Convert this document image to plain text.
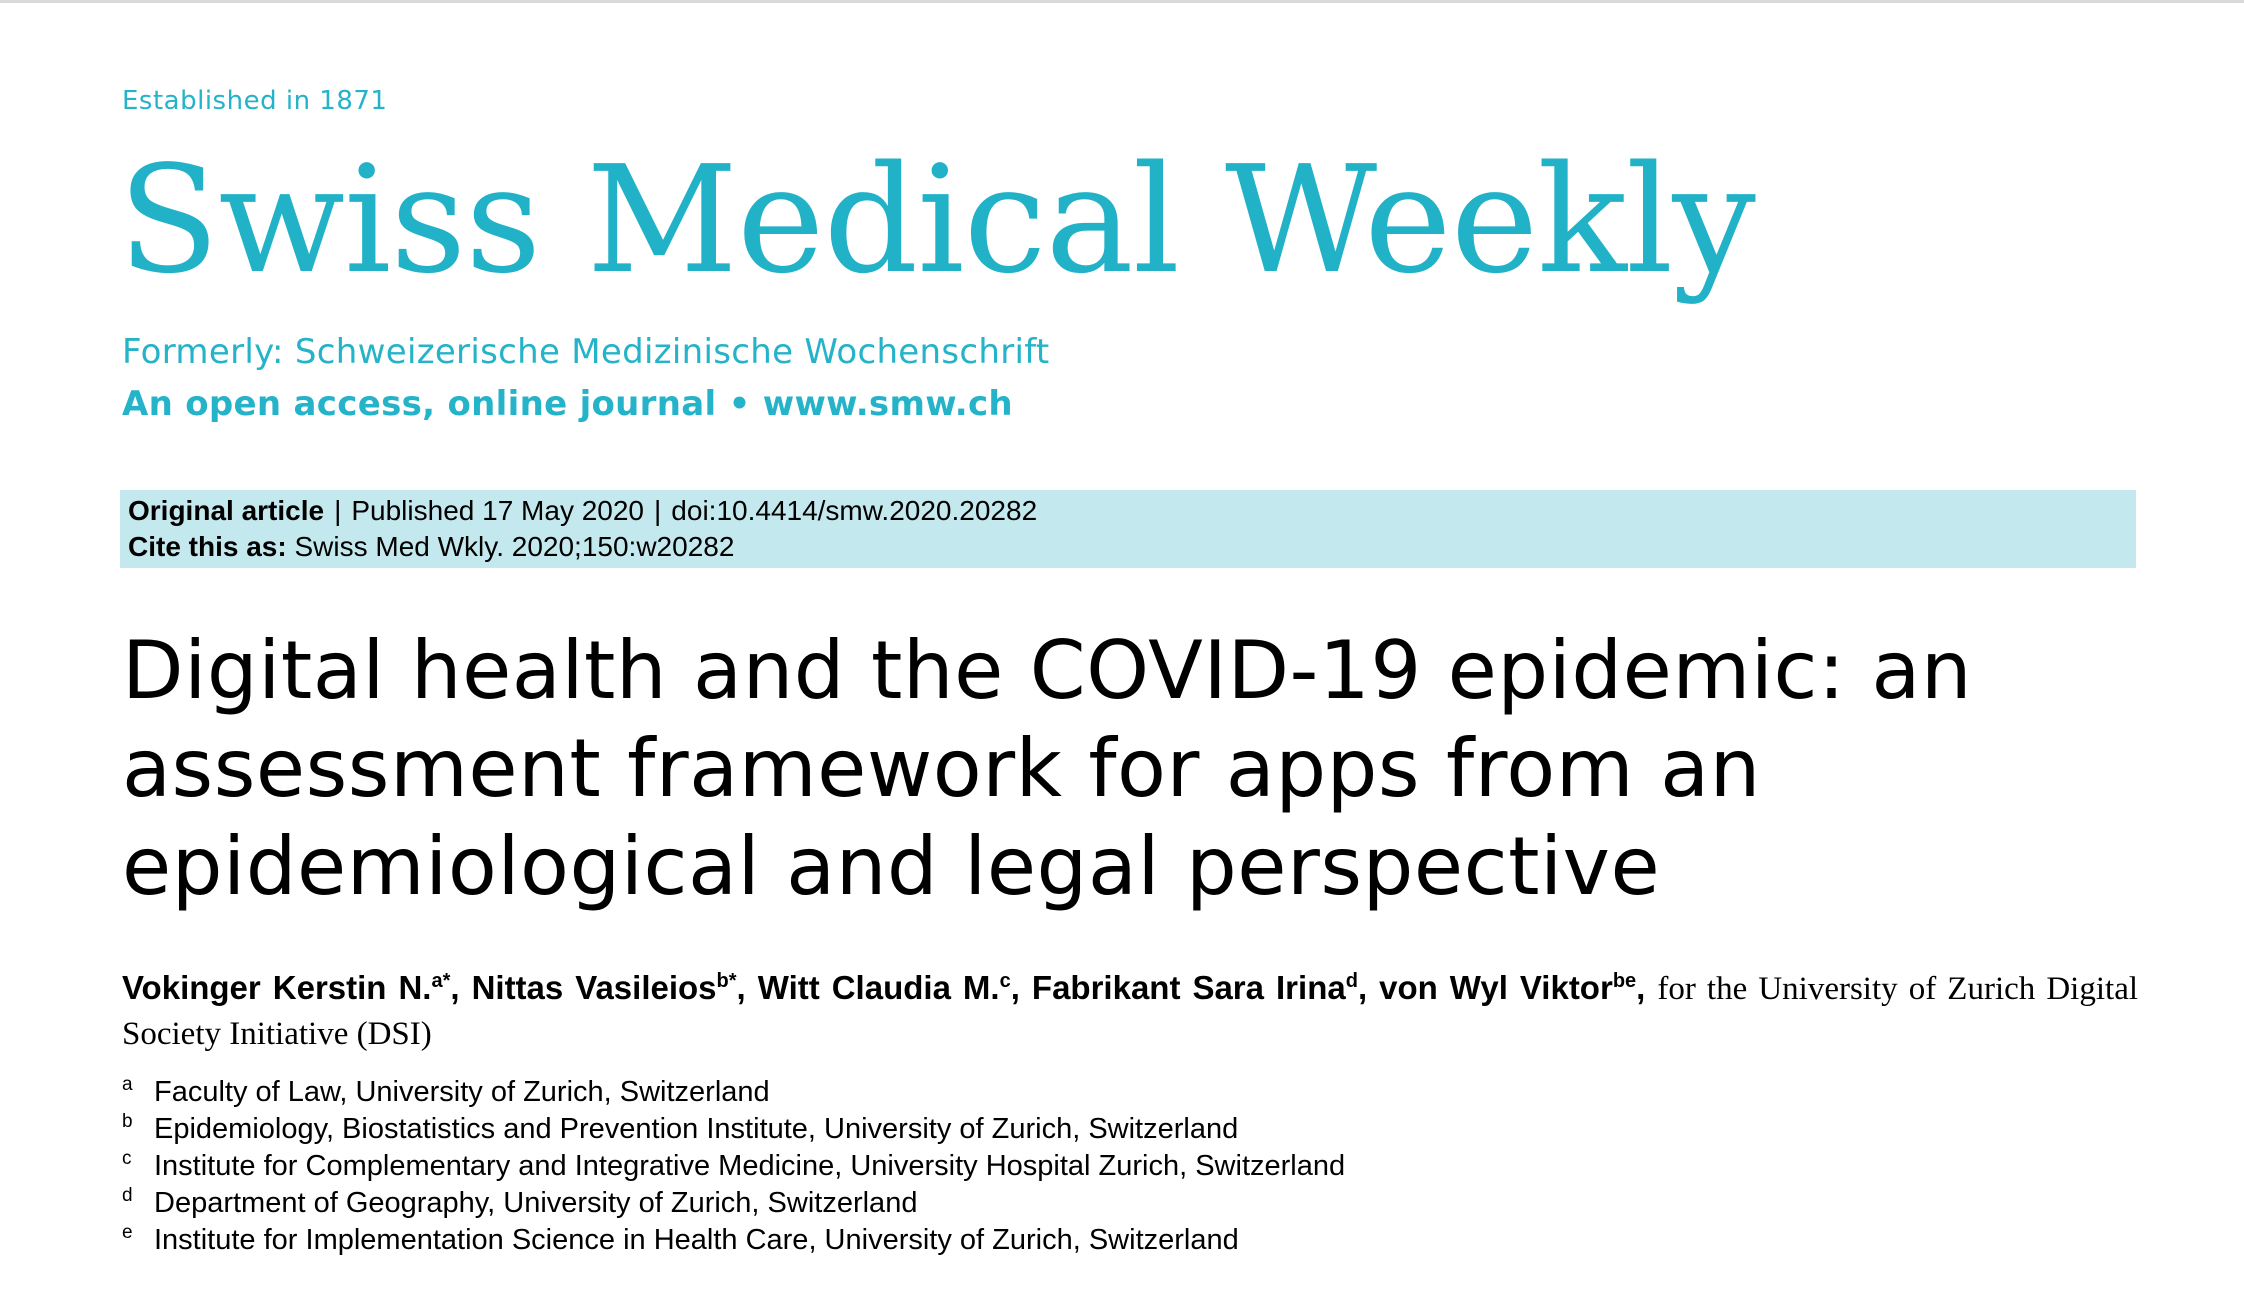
Established in 1871
Swiss Medical Weekly
Formerly: Schweizerische Medizinische Wochenschrift
An open access, online journal • www.smw.ch
Original article | Published 17 May 2020 | doi:10.4414/smw.2020.20282
Cite this as: Swiss Med Wkly. 2020;150:w20282
Digital health and the COVID-19 epidemic: an assessment framework for apps from an epidemiological and legal perspective
Vokinger Kerstin N.$^{a*}$, Nittas Vasileios$^{b*}$, Witt Claudia M.$^c$, Fabrikant Sara Irina$^d$, von Wyl Viktor$^{be}$, for the University of Zurich Digital Society Initiative (DSI)
a Faculty of Law, University of Zurich, Switzerland
b Epidemiology, Biostatistics and Prevention Institute, University of Zurich, Switzerland
c Institute for Complementary and Integrative Medicine, University Hospital Zurich, Switzerland
d Department of Geography, University of Zurich, Switzerland
e Institute for Implementation Science in Health Care, University of Zurich, Switzerland
